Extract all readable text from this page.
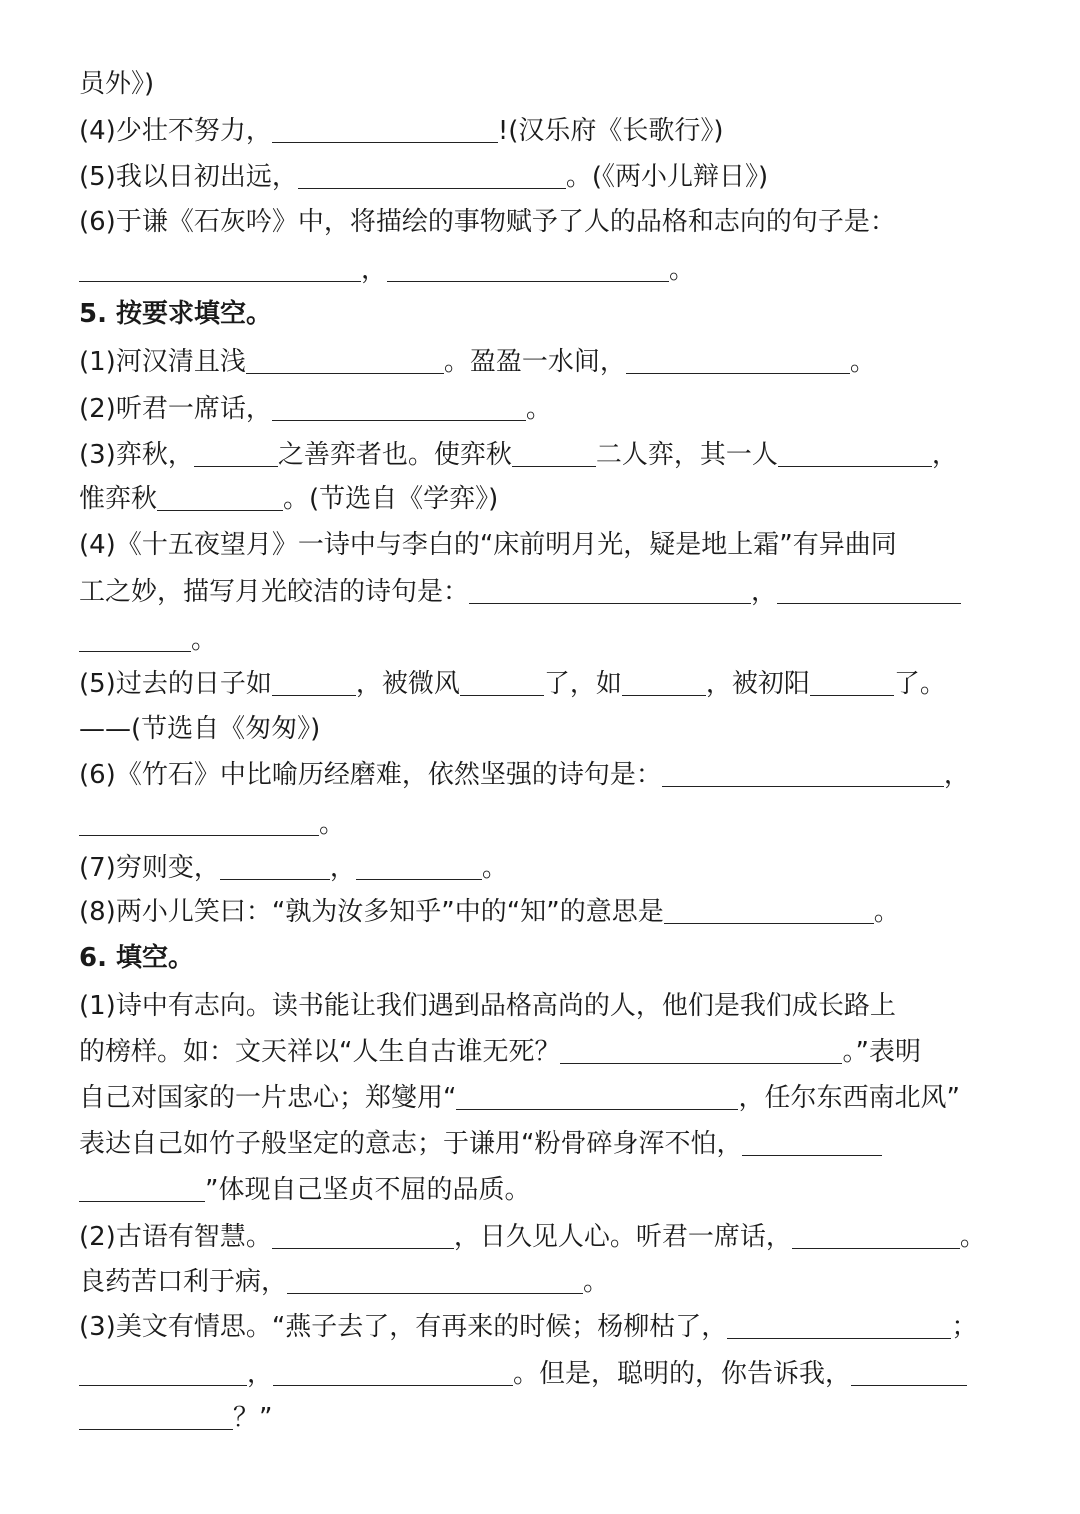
员外》)
(4)少壮不努力，	!(汉乐府《长歌行》)
(5)我以日初出远，	。(《两小儿辩日》)
(6)于谦《石灰吟》中，将描绘的事物赋予了人的品格和志向的句子是：
，	。
5. 按要求填空。
(1)河汉清且浅	。盈盈一水间，	。
(2)听君一席话，	。
(3)弈秋，	之善弈者也。使弈秋	二人弈，其一人	，
惟弈秋	。(节选自《学弈》)
(4)《十五夜望月》一诗中与李白的“床前明月光，疑是地上霜”有异曲同
工之妙，描写月光皎洁的诗句是：	，
。
(5)过去的日子如	，被微风	了，如	，被初阳	了。
——(节选自《匆匆》)
(6)《竹石》中比喻历经磨难，依然坚强的诗句是：	，
。
(7)穷则变，	，	。
(8)两小儿笑曰：“孰为汝多知乎”中的“知”的意思是	。
6. 填空。
(1)诗中有志向。读书能让我们遇到品格高尚的人，他们是我们成长路上
的榜样。如：文天祥以“人生自古谁无死？	。”表明
自己对国家的一片忠心；郑燮用“	，任尔东西南北风”
表达自己如竹子般坚定的意志；于谦用“粉骨碎身浑不怕，
”体现自己坚贞不屈的品质。
(2)古语有智慧。	，日久见人心。听君一席话，	。
良药苦口利于病，	。
(3)美文有情思。“燕子去了，有再来的时候；杨柳枯了，	；
，	。但是，聪明的，你告诉我，
？”
